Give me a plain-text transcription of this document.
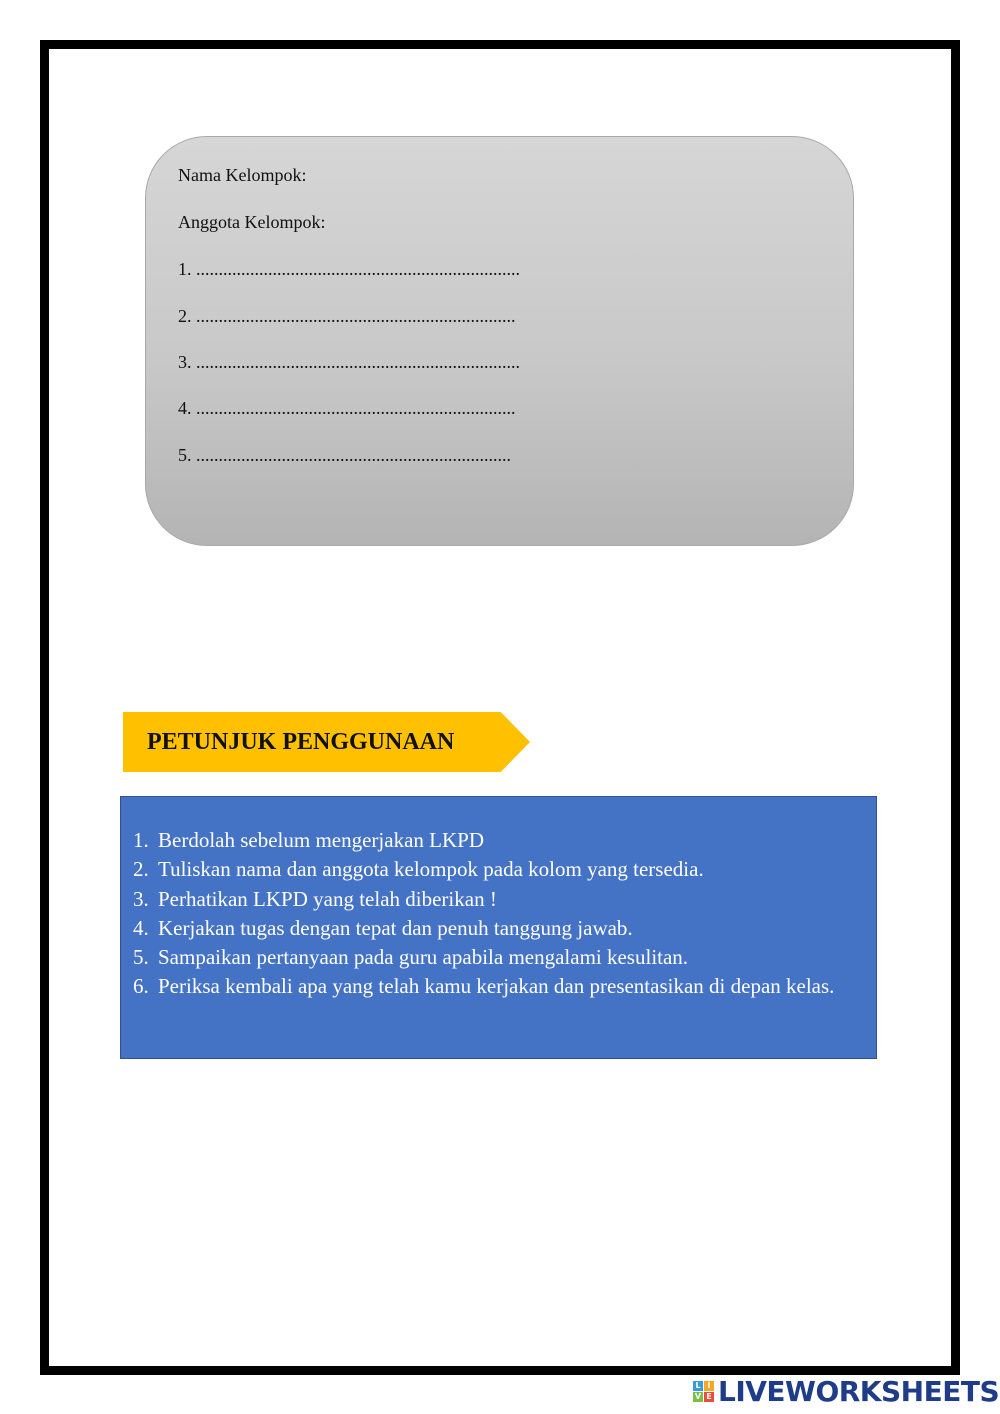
Nama Kelompok:
Anggota Kelompok:
1. ........................................................................
2. .......................................................................
3. ........................................................................
4. .......................................................................
5. ......................................................................
PETUNJUK PENGGUNAAN
1. Berdolah sebelum mengerjakan LKPD
2. Tuliskan nama dan anggota kelompok pada kolom yang tersedia.
3. Perhatikan LKPD yang telah diberikan !
4. Kerjakan tugas dengan tepat dan penuh tanggung jawab.
5. Sampaikan pertanyaan pada guru apabila mengalami kesulitan.
6. Periksa kembali apa yang telah kamu kerjakan dan presentasikan di depan kelas.
L I
V E LIVEWORKSHEETS
